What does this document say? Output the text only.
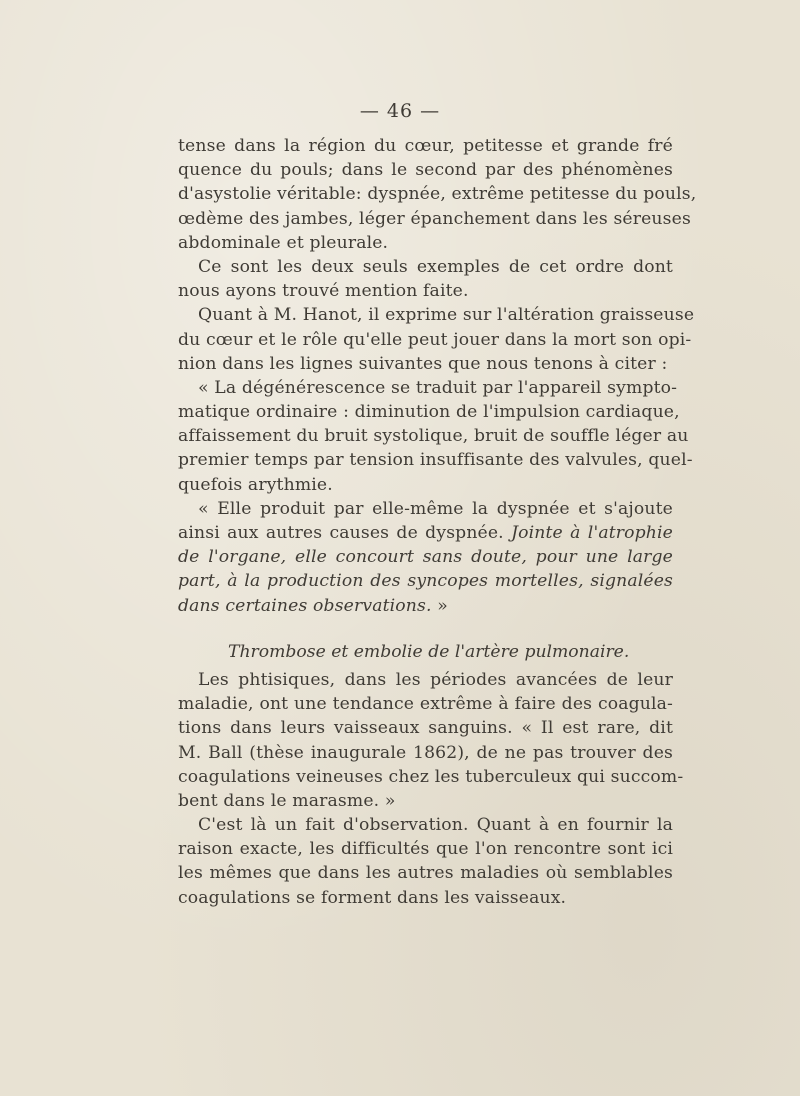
— 46 —
tense dans la région du cœur, petitesse et grande fré
quence du pouls; dans le second par des phénomènes
d'asystolie véritable: dyspnée, extrême petitesse du pouls,
œdème des jambes, léger épanchement dans les séreuses
abdominale et pleurale.
Ce sont les deux seuls exemples de cet ordre dont
nous ayons trouvé mention faite.
Quant à M. Hanot, il exprime sur l'altération graisseuse
du cœur et le rôle qu'elle peut jouer dans la mort son opi-
nion dans les lignes suivantes que nous tenons à citer :
« La dégénérescence se traduit par l'appareil sympto-
matique ordinaire : diminution de l'impulsion cardiaque,
affaissement du bruit systolique, bruit de souffle léger au
premier temps par tension insuffisante des valvules, quel-
quefois arythmie.
« Elle produit par elle-même la dyspnée et s'ajoute
ainsi aux autres causes de dyspnée. Jointe à l'atrophie
de l'organe, elle concourt sans doute, pour une large
part, à la production des syncopes mortelles, signalées
dans certaines observations. »
Thrombose et embolie de l'artère pulmonaire.
Les phtisiques, dans les périodes avancées de leur
maladie, ont une tendance extrême à faire des coagula-
tions dans leurs vaisseaux sanguins. « Il est rare, dit
M. Ball (thèse inaugurale 1862), de ne pas trouver des
coagulations veineuses chez les tuberculeux qui succom-
bent dans le marasme. »
C'est là un fait d'observation. Quant à en fournir la
raison exacte, les difficultés que l'on rencontre sont ici
les mêmes que dans les autres maladies où semblables
coagulations se forment dans les vaisseaux.
